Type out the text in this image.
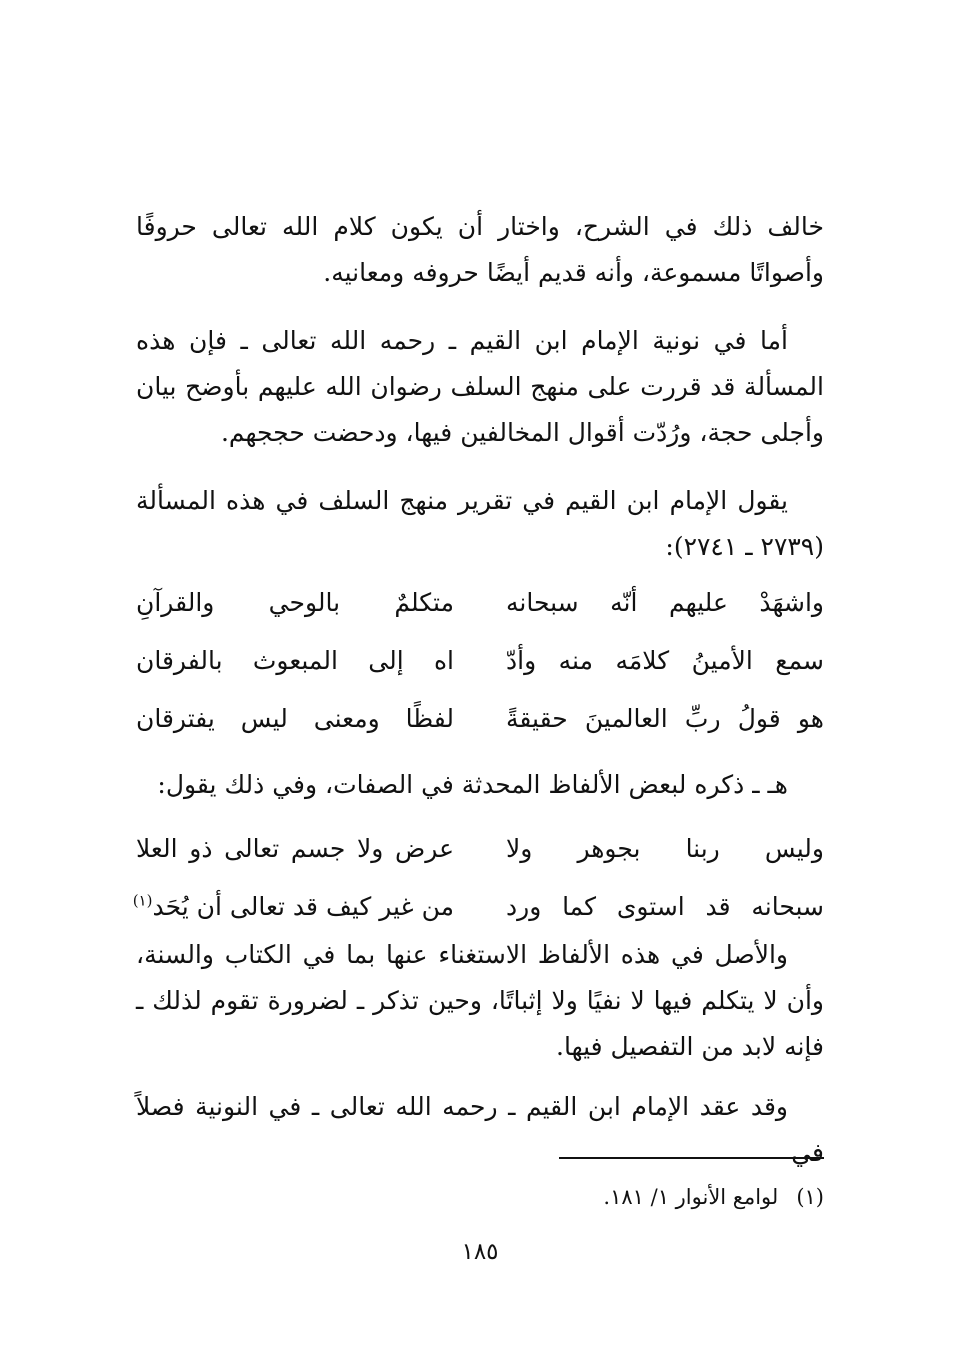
خالف ذلك في الشرح، واختار أن يكون كلام الله تعالى حروفًا وأصواتًا مسموعة، وأنه قديم أيضًا حروفه ومعانيه.

أما في نونية الإمام ابن القيم ـ رحمه الله تعالى ـ فإن هذه المسألة قد قررت على منهج السلف رضوان الله عليهم بأوضح بيان وأجلى حجة، ورُدّت أقوال المخالفين فيها، ودحضت حججهم.

يقول الإمام ابن القيم في تقرير منهج السلف في هذه المسألة (٢٧٣٩ ـ ٢٧٤١):

واشهَدْ عليهم أنّه سبحانه
متكلمٌ بالوحي والقرآنِ
سمع الأمينُ كلامَه منه وأدّ
اه إلى المبعوث بالفرقان
هو قولُ ربِّ العالمينَ حقيقةً
لفظًا ومعنى ليس يفترقان

هـ ـ ذكره لبعض الألفاظ المحدثة في الصفات، وفي ذلك يقول:

وليس ربنا بجوهر ولا
عرض ولا جسم تعالى ذو العلا
سبحانه قد استوى كما ورد
من غير كيف قد تعالى أن يُحَد$^{(١)}$

والأصل في هذه الألفاظ الاستغناء عنها بما في الكتاب والسنة، وأن لا يتكلم فيها لا نفيًا ولا إثباتًا، وحين تذكر ـ لضرورة تقوم لذلك ـ فإنه لابد من التفصيل فيها.

وقد عقد الإمام ابن القيم ـ رحمه الله تعالى ـ في النونية فصلاً في

(١)لوامع الأنوار ١/ ١٨١.
١٨٥
